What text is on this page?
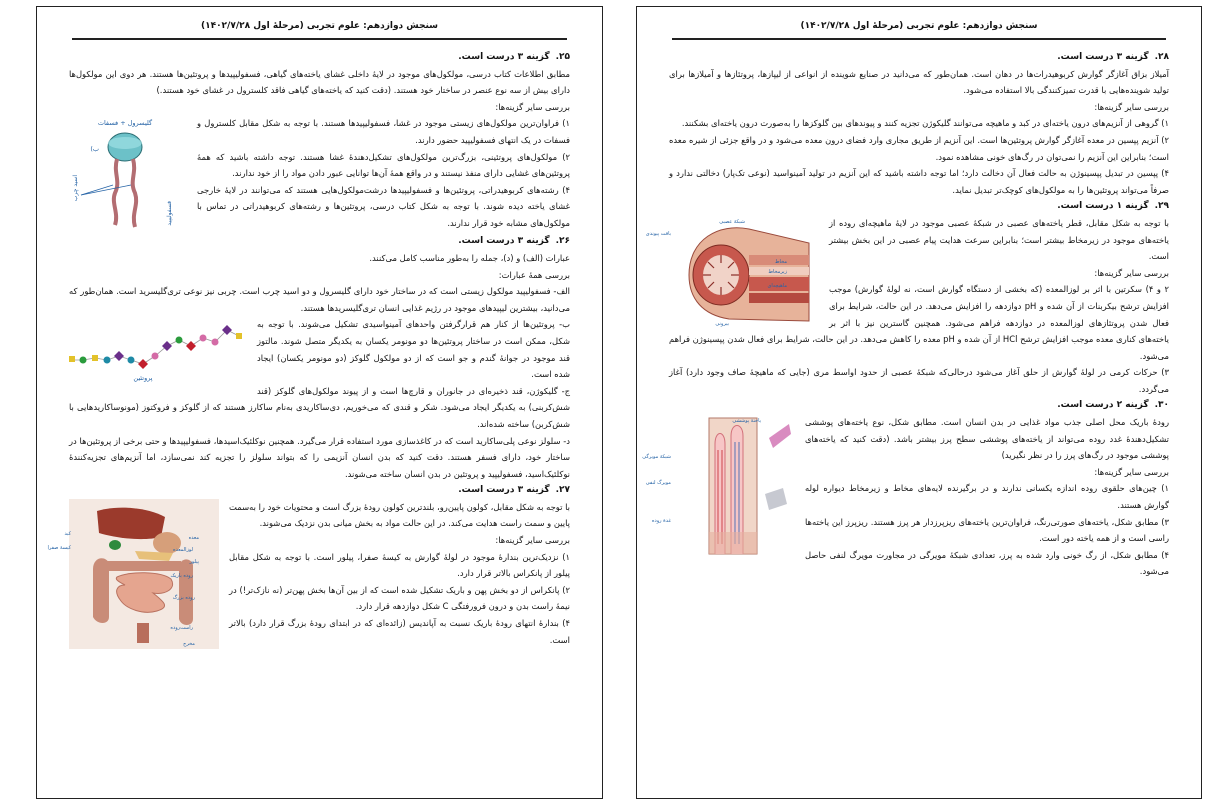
سنجش دوازدهم: علوم تجربی (مرحلهٔ اول ۱۴۰۲/۷/۲۸)

۲۵.گزینه ۳ درست است.

مطابق اطلاعات کتاب درسی، مولکول‌های موجود در لایهٔ داخلی غشای یاخته‌های گیاهی، فسفولیپیدها و پروتئین‌ها هستند. هر دوی این مولکول‌ها دارای بیش از سه نوع عنصر در ساختار خود هستند. (دقت کنید که یاخته‌های گیاهی فاقد کلسترول در غشای خود هستند.)

بررسی سایر گزینه‌ها:

گلیسرول + فسفات
ب)
اسید چرب
فسفولیپید

۱) فراوان‌ترین مولکول‌های زیستی موجود در غشا، فسفولیپیدها هستند. با توجه به شکل مقابل کلسترول و فسفات در یک انتهای فسفولیپید حضور دارند.

۲) مولکول‌های پروتئینی، بزرگ‌ترین مولکول‌های تشکیل‌دهندهٔ غشا هستند. توجه داشته باشید که همهٔ پروتئین‌های غشایی دارای منفذ نیستند و در واقع همهٔ آن‌ها توانایی عبور دادن مواد را از خود ندارند.

۴) رشته‌های کربوهیدراتی، پروتئین‌ها و فسفولیپیدها درشت‌مولکول‌هایی هستند که می‌توانند در لایهٔ خارجی غشای یاخته دیده شوند. با توجه به شکل کتاب درسی، پروتئین‌ها و رشته‌های کربوهیدراتی در تماس با مولکول‌های مشابه خود قرار ندارند.

۲۶.گزینه ۳ درست است.

عبارات (الف) و (د)، جمله را به‌طور مناسب کامل می‌کنند.

بررسی همهٔ عبارات:

الف- فسفولیپید مولکول زیستی است که در ساختار خود دارای گلیسرول و دو اسید چرب است. چربی نیز نوعی تری‌گلیسرید است. همان‌طور که می‌دانید، بیشترین لیپیدهای موجود در رژیم غذایی انسان تری‌گلیسریدها هستند.

پروتئین

ب- پروتئین‌ها از کنار هم قرارگرفتن واحدهای آمینواسیدی تشکیل می‌شوند. با توجه به شکل، ممکن است در ساختار پروتئین‌ها دو مونومر یکسان به یکدیگر متصل شوند. مالتوز قند موجود در جوانهٔ گندم و جو است که از دو مولکول گلوکز (دو مونومر یکسان) ایجاد شده است.

ج- گلیکوژن، قند ذخیره‌ای در جانوران و قارچ‌ها است و از پیوند مولکول‌های گلوکز (قند شش‌کربنی) به یکدیگر ایجاد می‌شود. شکر و قندی که می‌خوریم، دی‌ساکاریدی به‌نام ساکارز هستند که از گلوکز و فروکتوز (مونوساکاریدهایی با شش‌کربن) ساخته شده‌اند.

د- سلولز نوعی پلی‌ساکارید است که در کاغذسازی مورد استفاده قرار می‌گیرد. همچنین نوکلئیک‌اسیدها، فسفولیپیدها و حتی برخی از پروتئین‌ها در ساختار خود، دارای فسفر هستند. دقت کنید که بدن انسان آنزیمی را که بتواند سلولز را تجزیه کند نمی‌سازد، اما آنزیم‌های تجزیه‌کنندهٔ نوکلئیک‌اسید، فسفولیپید و پروتئین در بدن انسان ساخته می‌شوند.

۲۷.گزینه ۳ درست است.

کبد
کیسهٔ صفرا
معده
لوزالمعده
پیلور
روده باریک
روده بزرگ
راست‌روده
مخرج

با توجه به شکل مقابل، کولون پایین‌رو، بلندترین کولون رودهٔ بزرگ است و محتویات خود را به‌سمت پایین و سمت راست هدایت می‌کند. در این حالت مواد به بخش میانی بدن نزدیک می‌شوند.

بررسی سایر گزینه‌ها:

۱) نزدیک‌ترین بندارهٔ موجود در لولهٔ گوارش به کیسهٔ صفرا، پیلور است. با توجه به شکل مقابل پیلور از پانکراس بالاتر قرار دارد.

۲) پانکراس از دو بخش پهن و باریک تشکیل شده است که از بین آن‌ها بخش پهن‌تر (نه نازک‌تر!) در نیمهٔ راست بدن و درون فرورفتگی C شکل دوازدهه قرار دارد.

۴) بندارهٔ انتهای رودهٔ باریک نسبت به آپاندیس (زائده‌ای که در ابتدای رودهٔ بزرگ قرار دارد) بالاتر است.

سنجش دوازدهم: علوم تجربی (مرحلهٔ اول ۱۴۰۲/۷/۲۸)

۲۸.گزینه ۳ درست است.

آمیلاز بزاق آغازگر گوارش کربوهیدرات‌ها در دهان است. همان‌طور که می‌دانید در صنایع شوینده از انواعی از لیپازها، پروتئازها و آمیلازها برای تولید شوینده‌هایی با قدرت تمیزکنندگی بالا استفاده می‌شود.

بررسی سایر گزینه‌ها:

۱) گروهی از آنزیم‌های درون یاخته‌ای در کبد و ماهیچه می‌توانند گلیکوژن تجزیه کنند و پیوندهای بین گلوکزها را به‌صورت درون یاخته‌ای بشکنند.

۲) آنزیم پپسین در معده آغازگر گوارش پروتئین‌ها است. این آنزیم از طریق مجاری وارد فضای درون معده می‌شود و در واقع جزئی از شیره معده است؛ بنابراین این آنزیم را نمی‌توان در رگ‌های خونی مشاهده نمود.

۴) پپسین در تبدیل پپسینوژن به حالت فعال آن دخالت دارد؛ اما توجه داشته باشید که این آنزیم در تولید آمینواسید (نوعی تک‌پار) دخالتی ندارد و صرفاً می‌تواند پروتئین‌ها را به مولکول‌های کوچک‌تر تبدیل نماید.

۲۹.گزینه ۱ درست است.

شبکهٔ عصبی
بافت پیوندی
مخاط
زیرمخاط
ماهیچه‌ای
بیرونی

با توجه به شکل مقابل، قطر یاخته‌های عصبی در شبکهٔ عصبی موجود در لایهٔ ماهیچه‌ای روده از یاخته‌های موجود در زیرمخاط بیشتر است؛ بنابراین سرعت هدایت پیام عصبی در این بخش بیشتر است.

بررسی سایر گزینه‌ها:

۲ و ۴) سکرتین با اثر بر لوزالمعده (که بخشی از دستگاه گوارش است، نه لولهٔ گوارش) موجب افزایش ترشح بیکربنات از آن شده و pH دوازدهه را افزایش می‌دهد. در این حالت، شرایط برای فعال شدن پروتئازهای لوزالمعده در دوازدهه فراهم می‌شود. همچنین گاسترین نیز با اثر بر یاخته‌های کناری معده موجب افزایش ترشح HCl از آن شده و pH معده را کاهش می‌دهد. در این حالت، شرایط برای فعال شدن پپسینوژن فراهم می‌شود.

۳) حرکات کرمی در لولهٔ گوارش از حلق آغاز می‌شود درحالی‌که شبکهٔ عصبی از حدود اواسط مری (جایی که ماهیچهٔ صاف وجود دارد) آغاز می‌گردد.

۳۰.گزینه ۲ درست است.

یاختهٔ پوششی
شبکهٔ مویرگی
مویرگ لنفی
غدهٔ روده

رودهٔ باریک محل اصلی جذب مواد غذایی در بدن انسان است. مطابق شکل، نوع یاخته‌های پوششی تشکیل‌دهندهٔ غدد روده می‌تواند از یاخته‌های پوششی سطح پرز بیشتر باشد. (دقت کنید که یاخته‌های پوششی موجود در رگ‌های پرز را در نظر نگیرید)

بررسی سایر گزینه‌ها:

۱) چین‌های حلقوی روده اندازه یکسانی ندارند و در برگیرنده لایه‌های مخاط و زیرمخاط دیواره لوله گوارش هستند.

۳) مطابق شکل، یاخته‌های صورتی‌رنگ، فراوان‌ترین یاخته‌های ریزپرزدار هر پرز هستند. ریزپرز این یاخته‌ها راسی است و از همه یاخته دور است.

۴) مطابق شکل، از رگ خونی وارد شده به پرز، تعدادی شبکهٔ مویرگی در مجاورت مویرگ لنفی حاصل می‌شود.
